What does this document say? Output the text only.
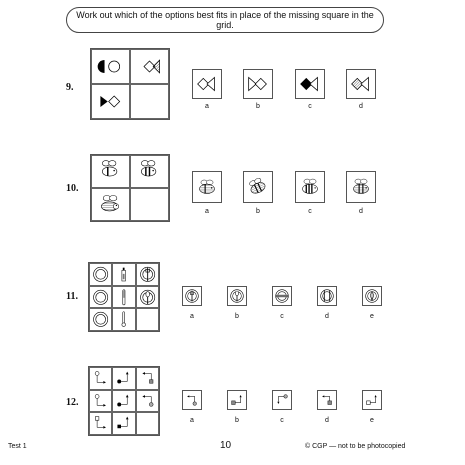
Work out which of the options best fits in place of the missing square in the grid.
9.
a	b	c	d
10.
a	b	c	d
11.
a	b	c	d	e
12.
a	b	c	d	e
Test 1	10	© CGP — not to be photocopied
